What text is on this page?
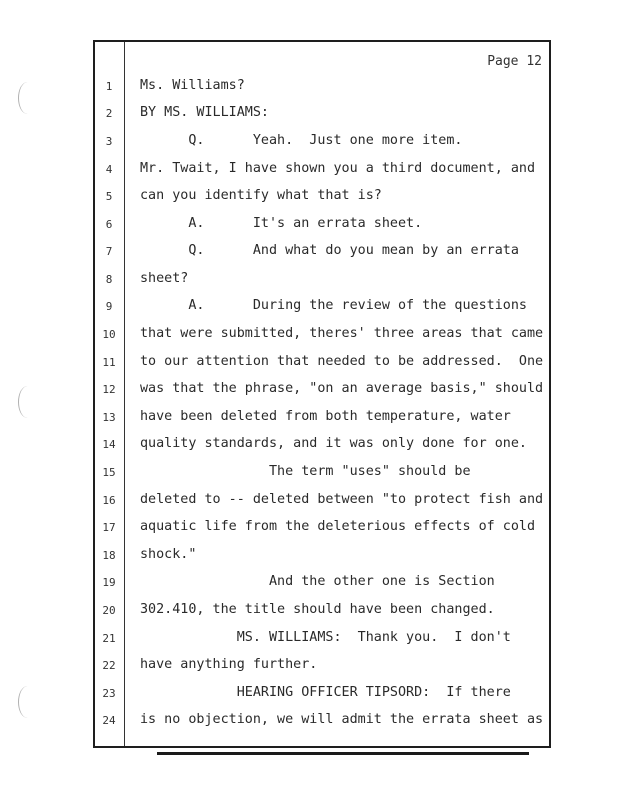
Page 12
1	Ms. Williams?
2	BY MS. WILLIAMS:
3	Q.      Yeah.  Just one more item.
4	Mr. Twait, I have shown you a third document, and
5	can you identify what that is?
6	A.      It's an errata sheet.
7	Q.      And what do you mean by an errata
8	sheet?
9	A.      During the review of the questions
10	that were submitted, theres' three areas that came
11	to our attention that needed to be addressed.  One
12	was that the phrase, "on an average basis," should
13	have been deleted from both temperature, water
14	quality standards, and it was only done for one.
15	The term "uses" should be
16	deleted to -- deleted between "to protect fish and
17	aquatic life from the deleterious effects of cold
18	shock."
19	And the other one is Section
20	302.410, the title should have been changed.
21	MS. WILLIAMS:  Thank you.  I don't
22	have anything further.
23	HEARING OFFICER TIPSORD:  If there
24	is no objection, we will admit the errata sheet as
